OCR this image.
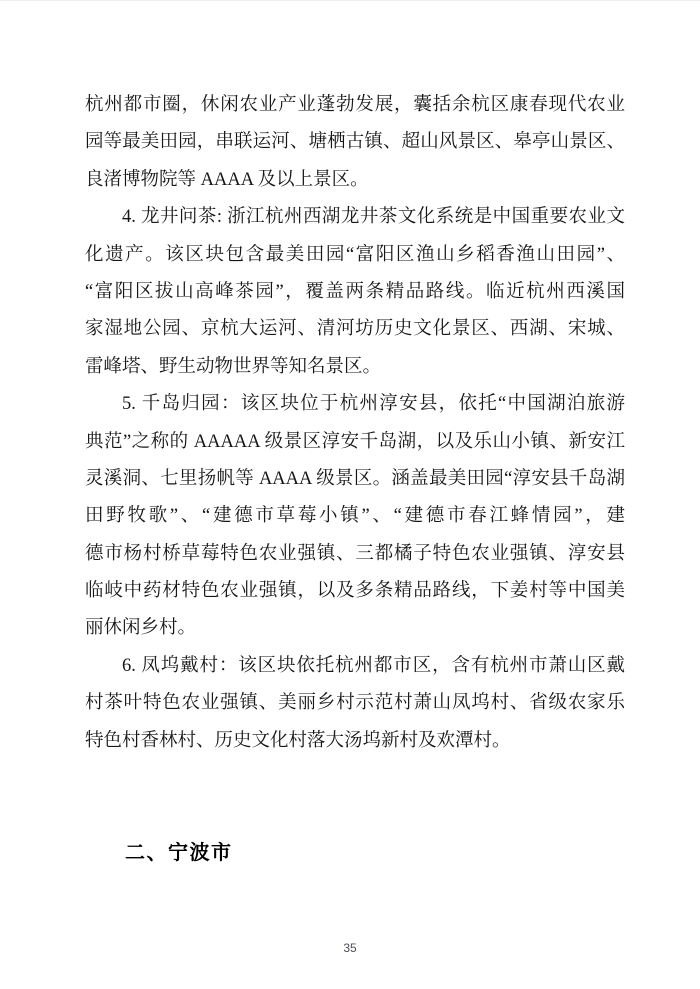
杭州都市圈，休闲农业产业蓬勃发展，囊括余杭区康春现代农业
园等最美田园，串联运河、塘栖古镇、超山风景区、皋亭山景区、
良渚博物院等 AAAA 及以上景区。
4. 龙井问茶: 浙江杭州西湖龙井茶文化系统是中国重要农业文
化遗产。该区块包含最美田园“富阳区渔山乡稻香渔山田园”、
“富阳区拔山高峰茶园”，覆盖两条精品路线。临近杭州西溪国
家湿地公园、京杭大运河、清河坊历史文化景区、西湖、宋城、
雷峰塔、野生动物世界等知名景区。
5. 千岛归园：该区块位于杭州淳安县，依托“中国湖泊旅游
典范”之称的 AAAAA 级景区淳安千岛湖，以及乐山小镇、新安江
灵溪洞、七里扬帆等 AAAA 级景区。涵盖最美田园“淳安县千岛湖
田野牧歌”、“建德市草莓小镇”、“建德市春江蜂情园”，建
德市杨村桥草莓特色农业强镇、三都橘子特色农业强镇、淳安县
临岐中药材特色农业强镇，以及多条精品路线，下姜村等中国美
丽休闲乡村。
6. 凤坞戴村：该区块依托杭州都市区，含有杭州市萧山区戴
村茶叶特色农业强镇、美丽乡村示范村萧山凤坞村、省级农家乐
特色村香林村、历史文化村落大汤坞新村及欢潭村。
二、宁波市
35
